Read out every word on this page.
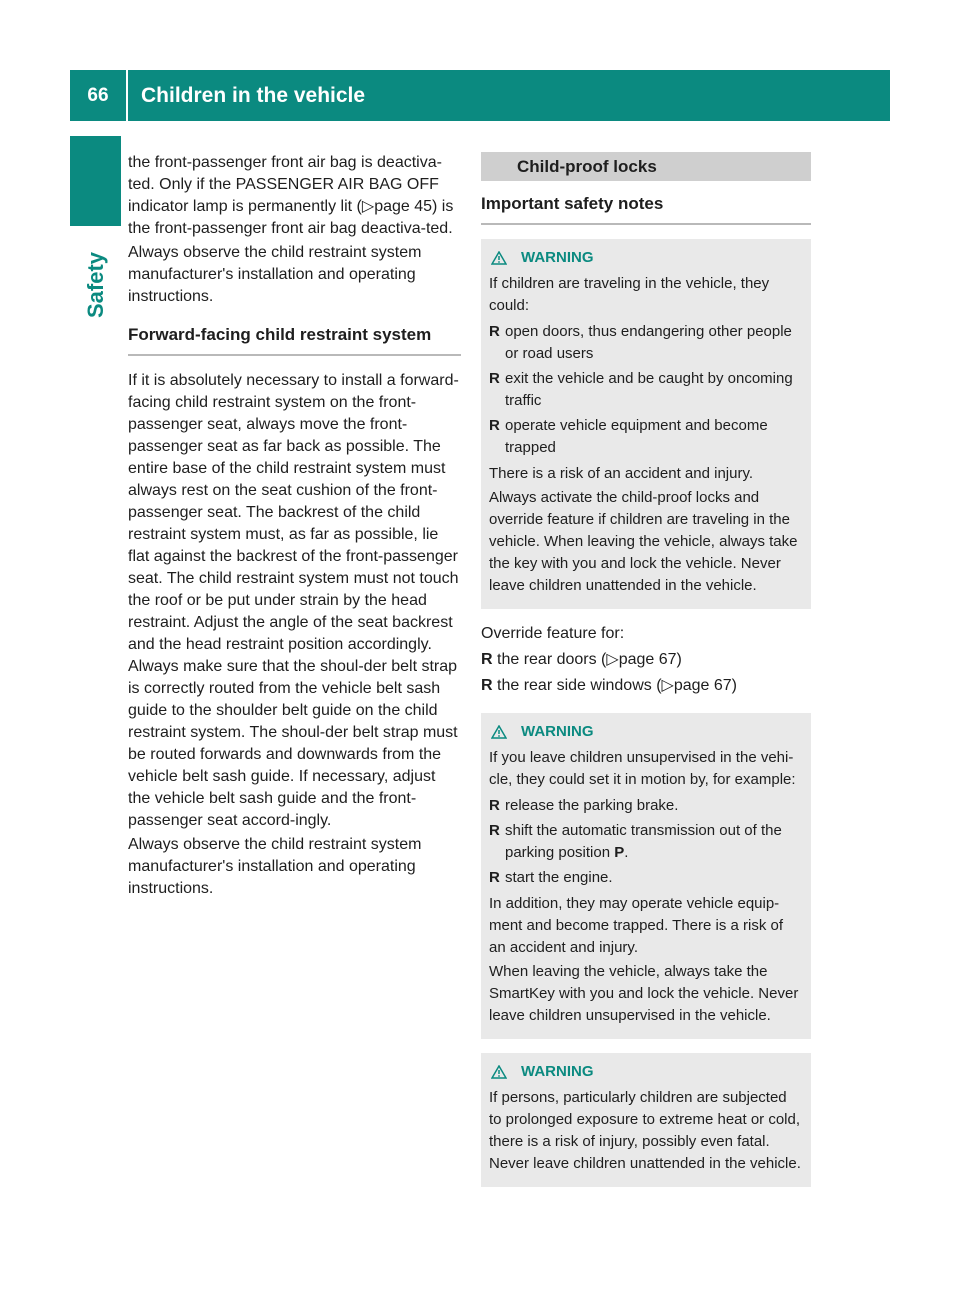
66	Children in the vehicle
Safety

the front-passenger front air bag is deactiva-ted. Only if the PASSENGER AIR BAG OFF indicator lamp is permanently lit (▷page 45) is the front-passenger front air bag deactiva-ted.

Always observe the child restraint system manufacturer's installation and operating instructions.

Forward-facing child restraint system

If it is absolutely necessary to install a forward-facing child restraint system on the front-passenger seat, always move the front-passenger seat as far back as possible. The entire base of the child restraint system must always rest on the seat cushion of the front-passenger seat. The backrest of the child restraint system must, as far as possible, lie flat against the backrest of the front-passenger seat. The child restraint system must not touch the roof or be put under strain by the head restraint. Adjust the angle of the seat backrest and the head restraint position accordingly. Always make sure that the shoul-der belt strap is correctly routed from the vehicle belt sash guide to the shoulder belt guide on the child restraint system. The shoul-der belt strap must be routed forwards and downwards from the vehicle belt sash guide. If necessary, adjust the vehicle belt sash guide and the front-passenger seat accord-ingly.

Always observe the child restraint system manufacturer's installation and operating instructions.

Child-proof locks
Important safety notes
WARNING

If children are traveling in the vehicle, they could:

R open doors, thus endangering other people or road users
R exit the vehicle and be caught by oncoming traffic
R operate vehicle equipment and become trapped

There is a risk of an accident and injury.

Always activate the child-proof locks and override feature if children are traveling in the vehicle. When leaving the vehicle, always take the key with you and lock the vehicle. Never leave children unattended in the vehicle.

Override feature for:

R the rear doors (▷page 67)
R the rear side windows (▷page 67)
WARNING

If you leave children unsupervised in the vehi-cle, they could set it in motion by, for example:

R release the parking brake.
R shift the automatic transmission out of the parking position P.
R start the engine.

In addition, they may operate vehicle equip-ment and become trapped. There is a risk of an accident and injury.

When leaving the vehicle, always take the SmartKey with you and lock the vehicle. Never leave children unsupervised in the vehicle.

WARNING

If persons, particularly children are subjected to prolonged exposure to extreme heat or cold, there is a risk of injury, possibly even fatal. Never leave children unattended in the vehicle.
